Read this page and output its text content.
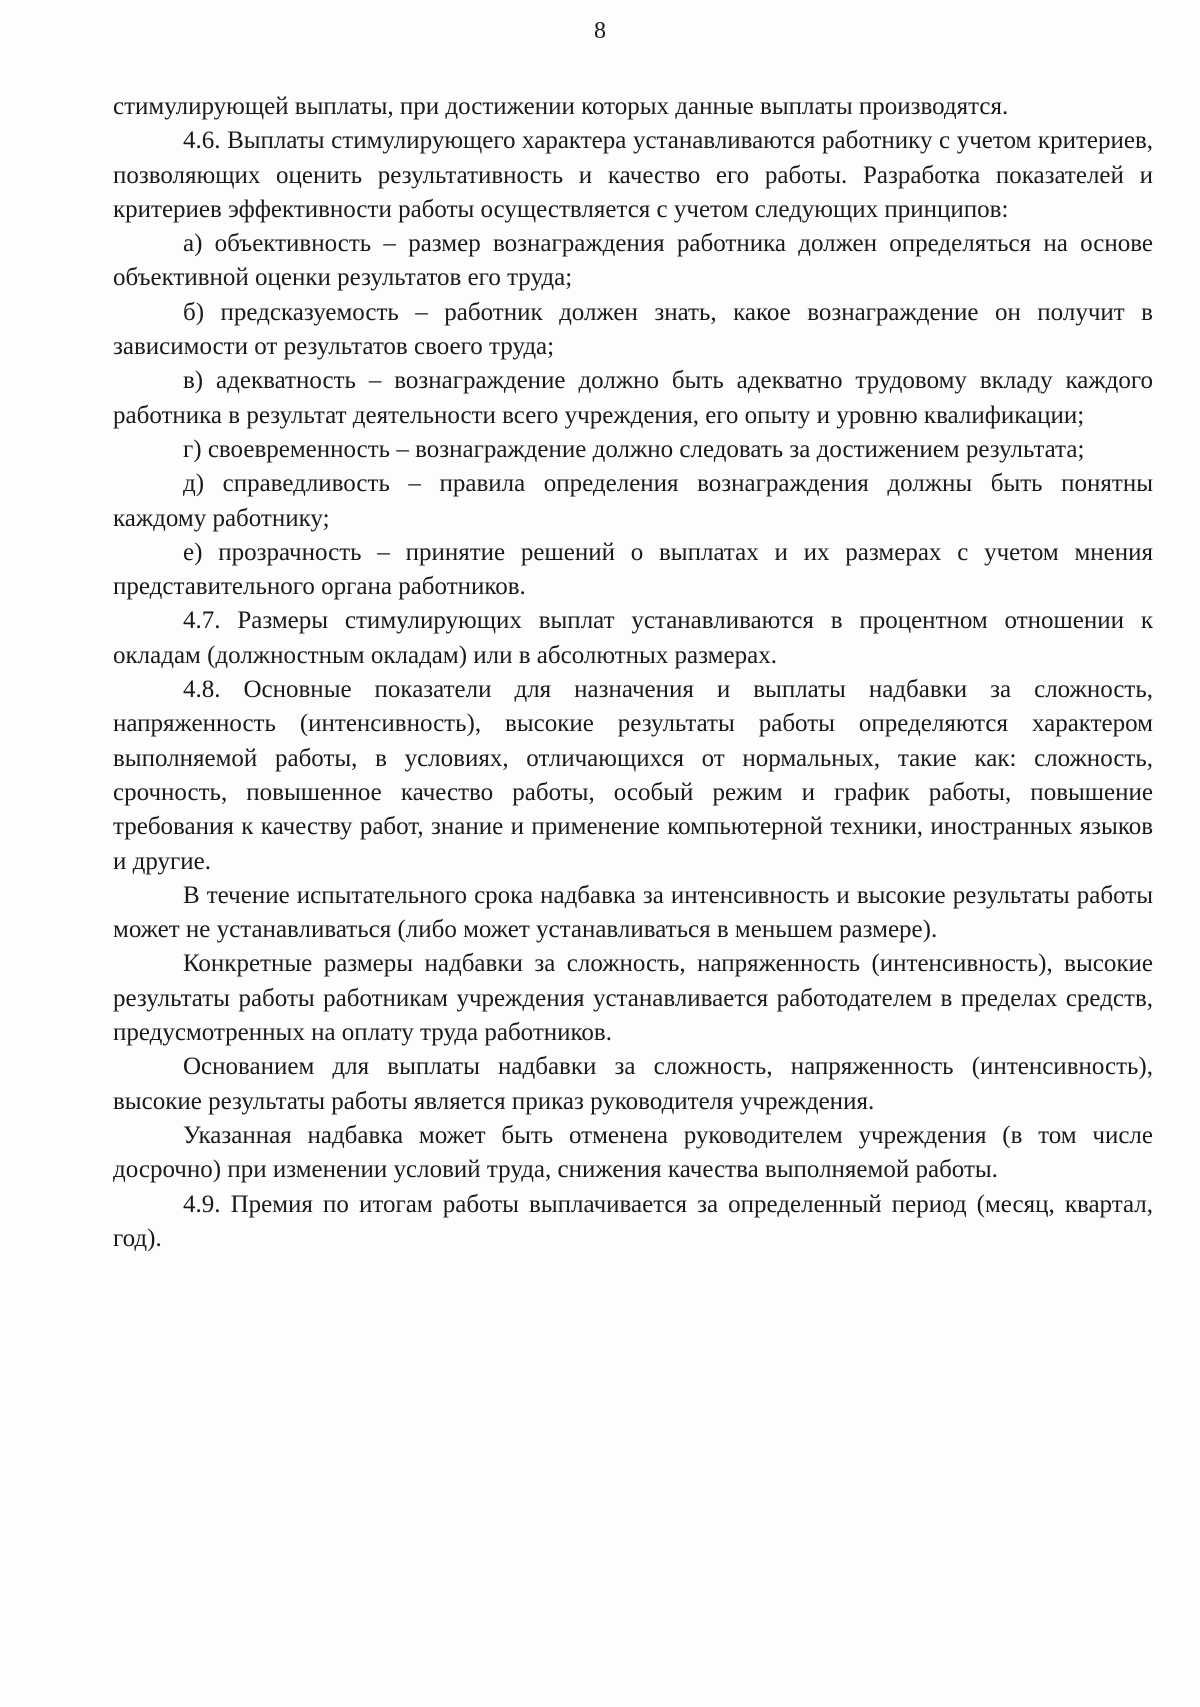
8

стимулирующей выплаты, при достижении которых данные выплаты производятся.

4.6. Выплаты стимулирующего характера устанавливаются работнику с учетом критериев, позволяющих оценить результативность и качество его работы. Разработка показателей и критериев эффективности работы осуществляется с учетом следующих принципов:

а) объективность – размер вознаграждения работника должен определяться на основе объективной оценки результатов его труда;

б) предсказуемость – работник должен знать, какое вознаграждение он получит в зависимости от результатов своего труда;

в) адекватность – вознаграждение должно быть адекватно трудовому вкладу каждого работника в результат деятельности всего учреждения, его опыту и уровню квалификации;

г) своевременность – вознаграждение должно следовать за достижением результата;

д) справедливость – правила определения вознаграждения должны быть понятны каждому работнику;

е) прозрачность – принятие решений о выплатах и их размерах с учетом мнения представительного органа работников.

4.7. Размеры стимулирующих выплат устанавливаются в процентном отношении к окладам (должностным окладам) или в абсолютных размерах.

4.8. Основные показатели для назначения и выплаты надбавки за сложность, напряженность (интенсивность), высокие результаты работы определяются характером выполняемой работы, в условиях, отличающихся от нормальных, такие как: сложность, срочность, повышенное качество работы, особый режим и график работы, повышение требования к качеству работ, знание и применение компьютерной техники, иностранных языков и другие.

В течение испытательного срока надбавка за интенсивность и высокие результаты работы может не устанавливаться (либо может устанавливаться в меньшем размере).

Конкретные размеры надбавки за сложность, напряженность (интенсивность), высокие результаты работы работникам учреждения устанавливается работодателем в пределах средств, предусмотренных на оплату труда работников.

Основанием для выплаты надбавки за сложность, напряженность (интенсивность), высокие результаты работы является приказ руководителя учреждения.

Указанная надбавка может быть отменена руководителем учреждения (в том числе досрочно) при изменении условий труда, снижения качества выполняемой работы.

4.9. Премия по итогам работы выплачивается за определенный период (месяц, квартал, год).
